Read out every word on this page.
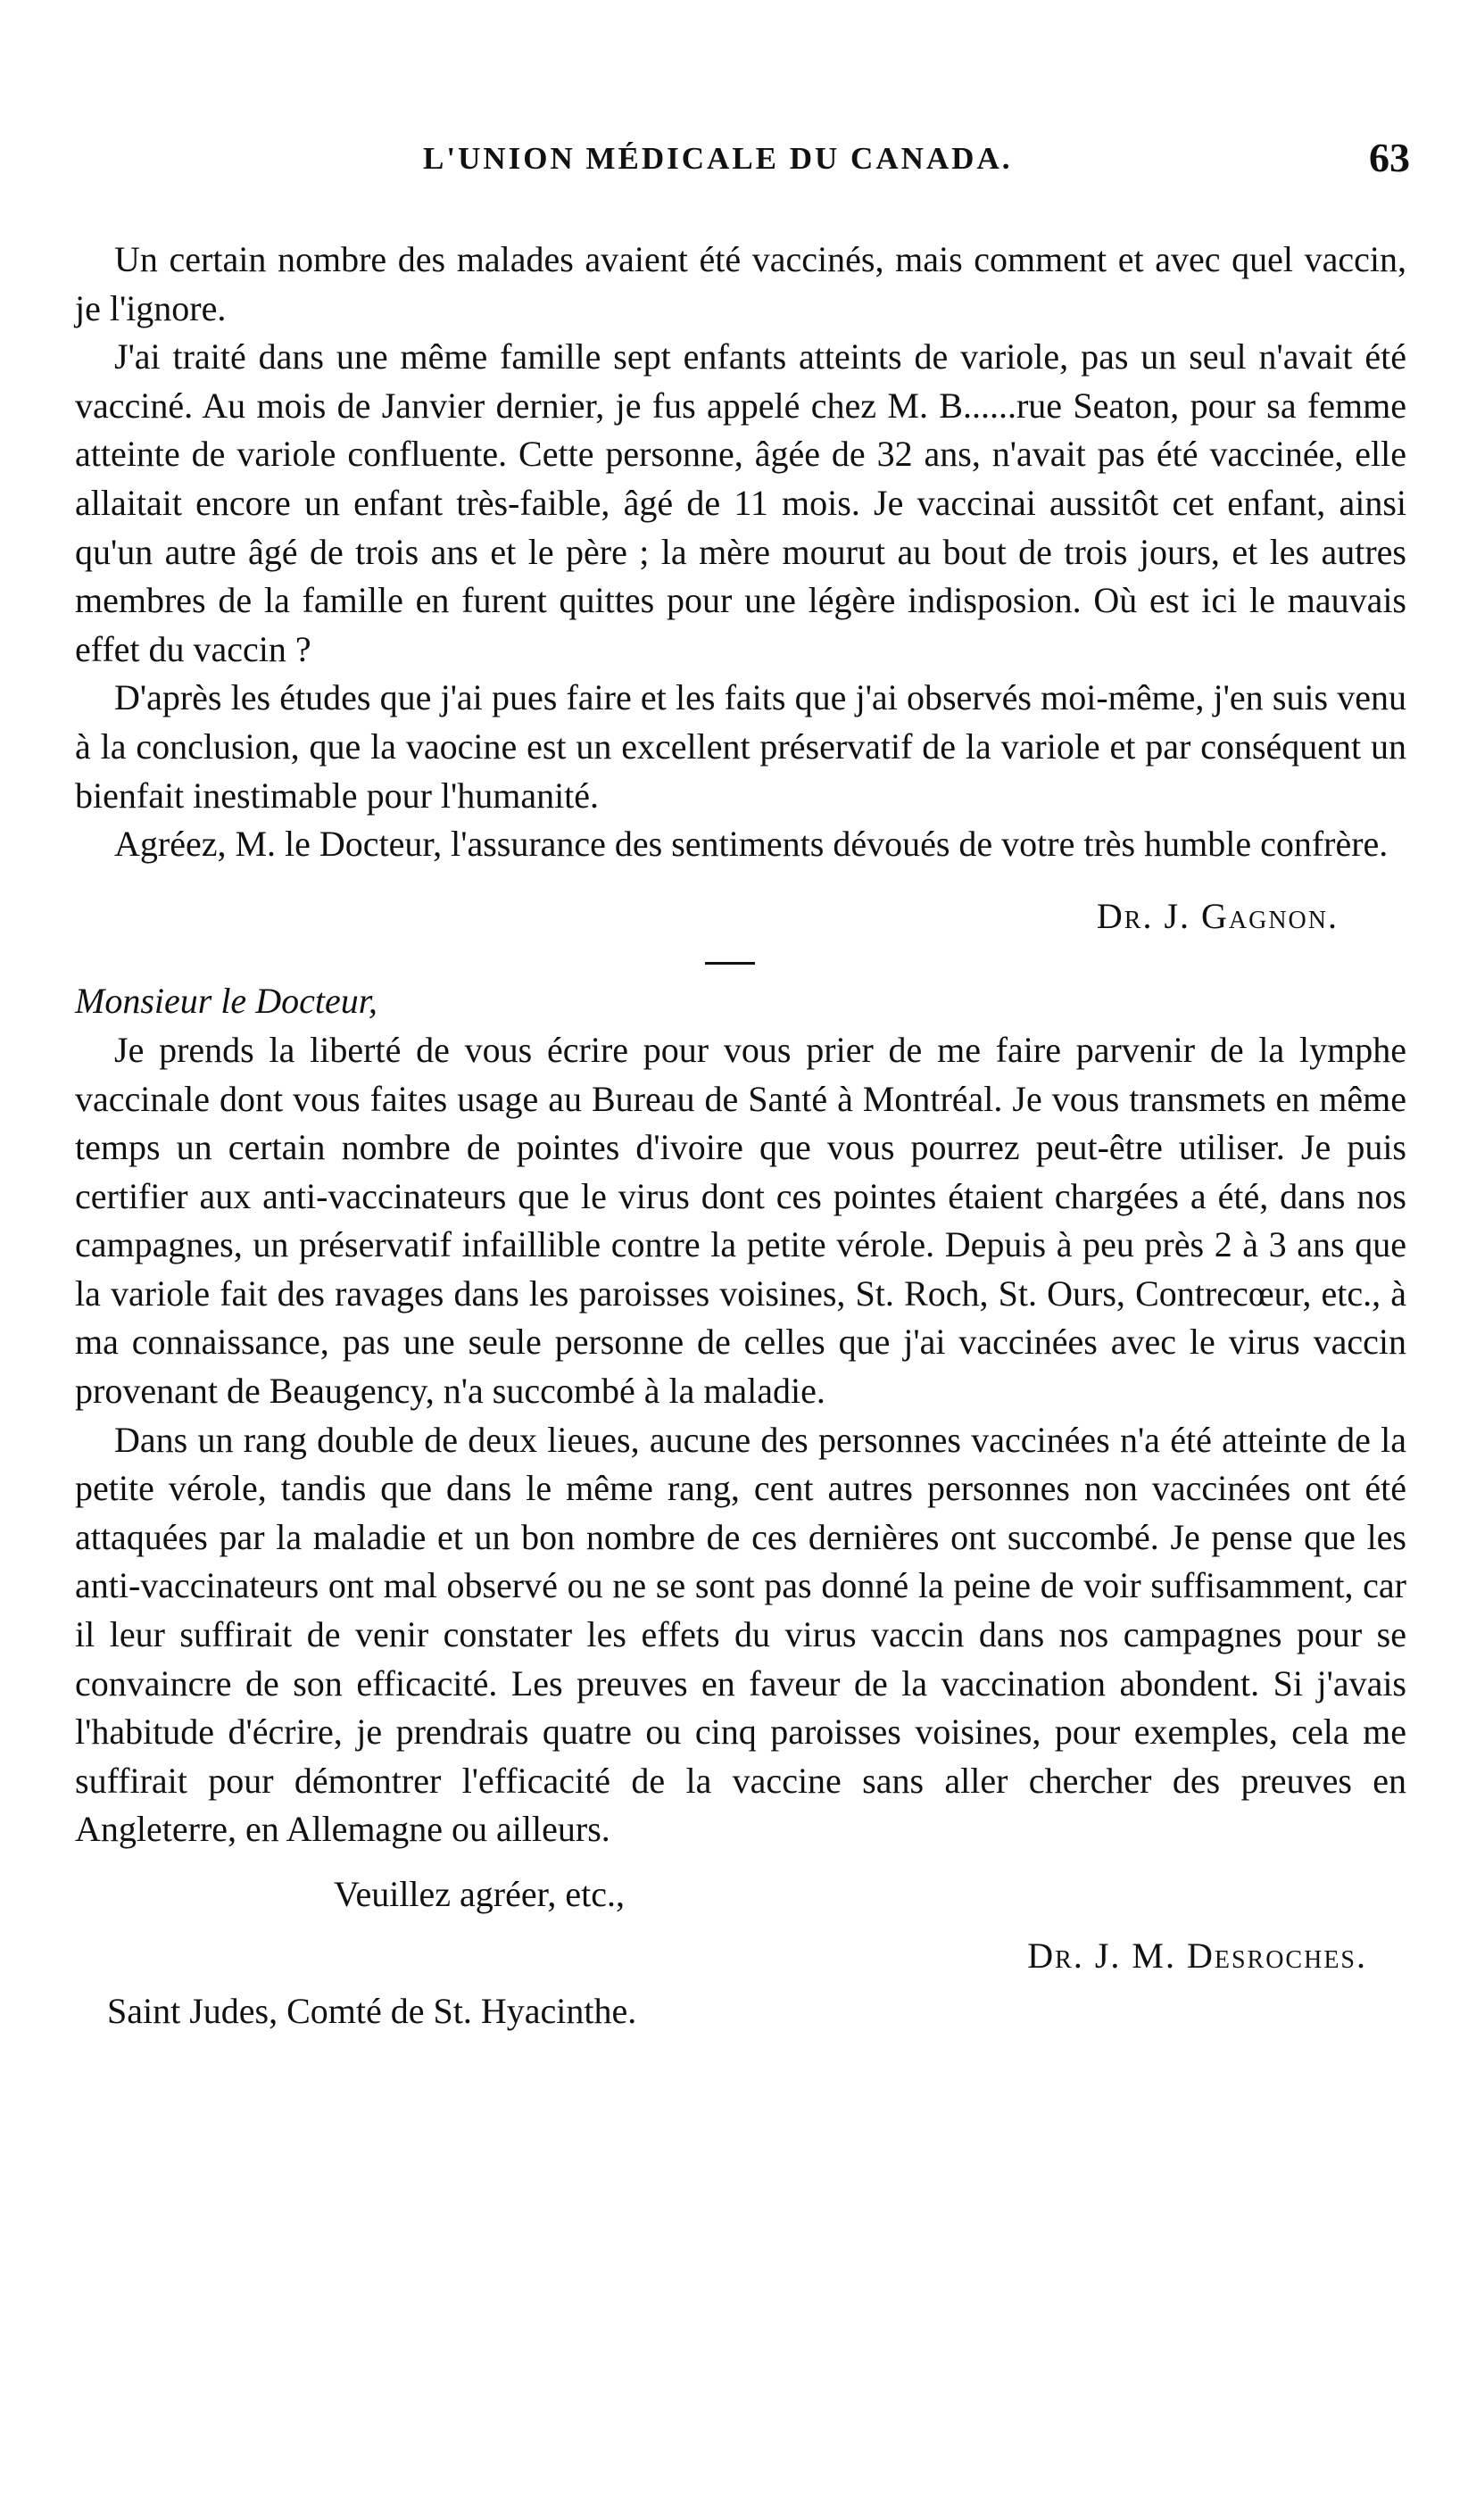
L'UNION MÉDICALE DU CANADA.	63

Un certain nombre des malades avaient été vaccinés, mais comment et avec quel vaccin, je l'ignore.

J'ai traité dans une même famille sept enfants atteints de variole, pas un seul n'avait été vacciné. Au mois de Janvier dernier, je fus appelé chez M. B......rue Seaton, pour sa femme atteinte de variole confluente. Cette personne, âgée de 32 ans, n'avait pas été vaccinée, elle allaitait encore un enfant très-faible, âgé de 11 mois. Je vaccinai aussitôt cet enfant, ainsi qu'un autre âgé de trois ans et le père ; la mère mourut au bout de trois jours, et les autres membres de la famille en furent quittes pour une légère indisposion. Où est ici le mauvais effet du vaccin ?

D'après les études que j'ai pues faire et les faits que j'ai observés moi-même, j'en suis venu à la conclusion, que la vaocine est un excellent préservatif de la variole et par conséquent un bienfait inestimable pour l'humanité.

Agréez, M. le Docteur, l'assurance des sentiments dévoués de votre très humble confrère.

Dr. J. Gagnon.
Monsieur le Docteur,

Je prends la liberté de vous écrire pour vous prier de me faire parvenir de la lymphe vaccinale dont vous faites usage au Bureau de Santé à Montréal. Je vous transmets en même temps un certain nombre de pointes d'ivoire que vous pourrez peut-être utiliser. Je puis certifier aux anti-vaccinateurs que le virus dont ces pointes étaient chargées a été, dans nos campagnes, un préservatif infaillible contre la petite vérole. Depuis à peu près 2 à 3 ans que la variole fait des ravages dans les paroisses voisines, St. Roch, St. Ours, Contrecœur, etc., à ma connaissance, pas une seule personne de celles que j'ai vaccinées avec le virus vaccin provenant de Beaugency, n'a succombé à la maladie.

Dans un rang double de deux lieues, aucune des personnes vaccinées n'a été atteinte de la petite vérole, tandis que dans le même rang, cent autres personnes non vaccinées ont été attaquées par la maladie et un bon nombre de ces dernières ont succombé. Je pense que les anti-vaccinateurs ont mal observé ou ne se sont pas donné la peine de voir suffisamment, car il leur suffirait de venir constater les effets du virus vaccin dans nos campagnes pour se convaincre de son efficacité. Les preuves en faveur de la vaccination abondent. Si j'avais l'habitude d'écrire, je prendrais quatre ou cinq paroisses voisines, pour exemples, cela me suffirait pour démontrer l'efficacité de la vaccine sans aller chercher des preuves en Angleterre, en Allemagne ou ailleurs.

Veuillez agréer, etc.,
Dr. J. M. Desroches.
Saint Judes, Comté de St. Hyacinthe.
